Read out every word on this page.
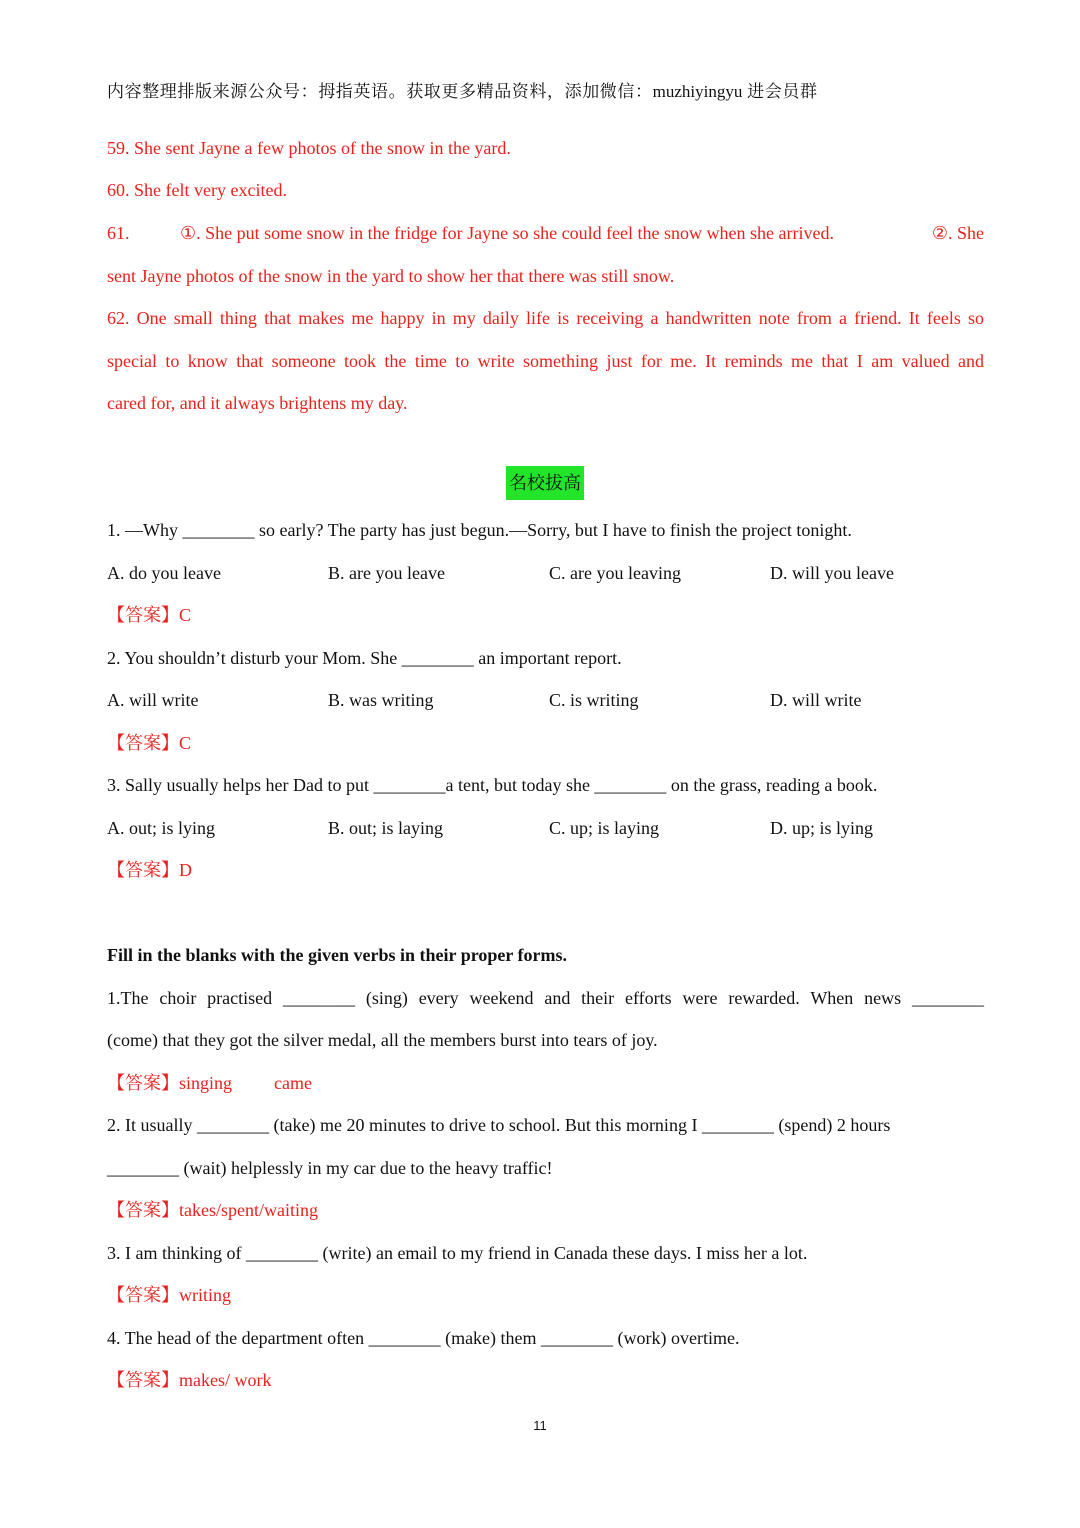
内容整理排版来源公众号：拇指英语。获取更多精品资料，添加微信：muzhiyingyu 进会员群
59. She sent Jayne a few photos of the snow in the yard.
60. She felt very excited.
61.	①. She put some snow in the fridge for Jayne so she could feel the snow when she arrived.	②. She
sent Jayne photos of the snow in the yard to show her that there was still snow.
62. One small thing that makes me happy in my daily life is receiving a handwritten note from a friend. It feels so
special to know that someone took the time to write something just for me. It reminds me that I am valued and
cared for, and it always brightens my day.
名校拔高
1. —Why ________ so early? The party has just begun.—Sorry, but I have to finish the project tonight.
A. do you leave	B. are you leave	C. are you leaving	D. will you leave
【答案】C
2. You shouldn’t disturb your Mom. She ________ an important report.
A. will write	B. was writing	C. is writing	D. will write
【答案】C
3. Sally usually helps her Dad to put ________a tent, but today she ________ on the grass, reading a book.
A. out; is lying	B. out; is laying	C. up; is laying	D. up; is lying
【答案】D
Fill in the blanks with the given verbs in their proper forms.
1.The choir practised ________ (sing) every weekend and their efforts were rewarded. When news ________
(come) that they got the silver medal, all the members burst into tears of joy.
【答案】singing came
2. It usually ________ (take) me 20 minutes to drive to school. But this morning I ________ (spend) 2 hours
________ (wait) helplessly in my car due to the heavy traffic!
【答案】takes/spent/waiting
3. I am thinking of ________ (write) an email to my friend in Canada these days. I miss her a lot.
【答案】writing
4. The head of the department often ________ (make) them ________ (work) overtime.
【答案】makes/ work
11
